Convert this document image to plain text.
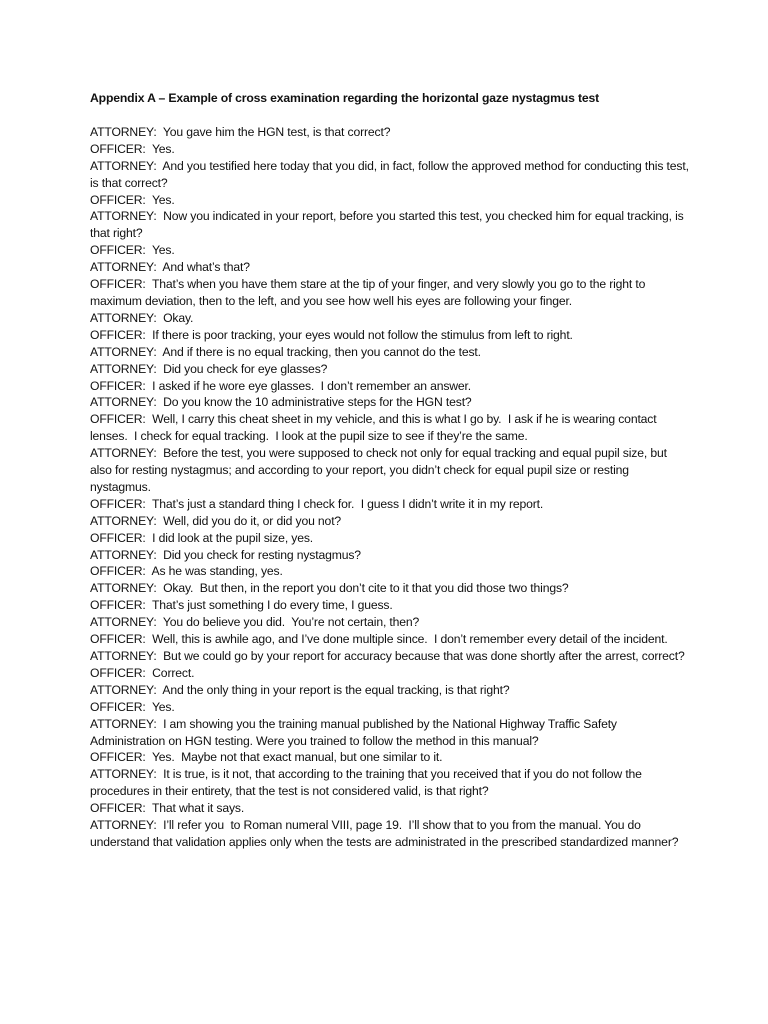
Appendix A – Example of cross examination regarding the horizontal gaze nystagmus test

ATTORNEY:  You gave him the HGN test, is that correct?

OFFICER:  Yes.

ATTORNEY:  And you testified here today that you did, in fact, follow the approved method for conducting this test, is that correct?

OFFICER:  Yes.

ATTORNEY:  Now you indicated in your report, before you started this test, you checked him for equal tracking, is that right?

OFFICER:  Yes.

ATTORNEY:  And what’s that?

OFFICER:  That’s when you have them stare at the tip of your finger, and very slowly you go to the right to maximum deviation, then to the left, and you see how well his eyes are following your finger.

ATTORNEY:  Okay.

OFFICER:  If there is poor tracking, your eyes would not follow the stimulus from left to right.

ATTORNEY:  And if there is no equal tracking, then you cannot do the test.

ATTORNEY:  Did you check for eye glasses?

OFFICER:  I asked if he wore eye glasses.  I don’t remember an answer.

ATTORNEY:  Do you know the 10 administrative steps for the HGN test?

OFFICER:  Well, I carry this cheat sheet in my vehicle, and this is what I go by.  I ask if he is wearing contact lenses.  I check for equal tracking.  I look at the pupil size to see if they’re the same.

ATTORNEY:  Before the test, you were supposed to check not only for equal tracking and equal pupil size, but also for resting nystagmus; and according to your report, you didn’t check for equal pupil size or resting nystagmus.

OFFICER:  That’s just a standard thing I check for.  I guess I didn’t write it in my report.

ATTORNEY:  Well, did you do it, or did you not?

OFFICER:  I did look at the pupil size, yes.

ATTORNEY:  Did you check for resting nystagmus?

OFFICER:  As he was standing, yes.

ATTORNEY:  Okay.  But then, in the report you don’t cite to it that you did those two things?

OFFICER:  That’s just something I do every time, I guess.

ATTORNEY:  You do believe you did.  You’re not certain, then?

OFFICER:  Well, this is awhile ago, and I’ve done multiple since.  I don’t remember every detail of the incident.

ATTORNEY:  But we could go by your report for accuracy because that was done shortly after the arrest, correct?

OFFICER:  Correct.

ATTORNEY:  And the only thing in your report is the equal tracking, is that right?

OFFICER:  Yes.

ATTORNEY:  I am showing you the training manual published by the National Highway Traffic Safety Administration on HGN testing. Were you trained to follow the method in this manual?

OFFICER:  Yes.  Maybe not that exact manual, but one similar to it.

ATTORNEY:  It is true, is it not, that according to the training that you received that if you do not follow the procedures in their entirety, that the test is not considered valid, is that right?

OFFICER:  That what it says.

ATTORNEY:  I’ll refer you  to Roman numeral VIII, page 19.  I’ll show that to you from the manual. You do understand that validation applies only when the tests are administrated in the prescribed standardized manner?
